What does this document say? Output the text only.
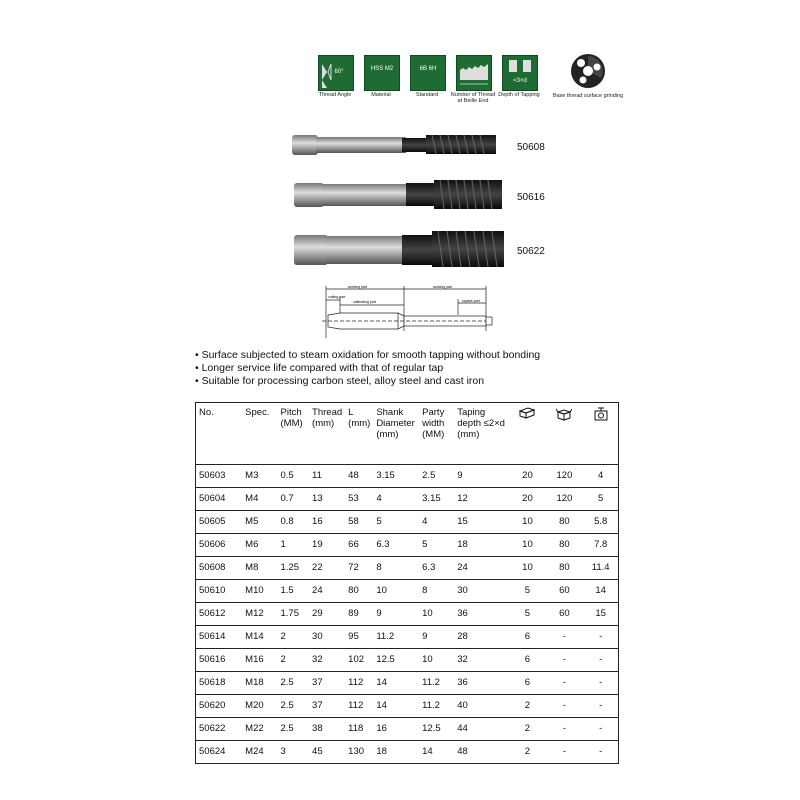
60°
Thread Angle
HSS M2
Material
6B 6H
Standard	Number of Thread at Beille End
<3×d
Depth of Tapping	Base thread surface grinding
50608
50616
50622
working part
cutting part
calibrating part
working part
square part
• Surface subjected to steam oxidation for smooth tapping without bonding
• Longer service life compared with that of regular tap
• Suitable for processing carbon steel, alloy steel and cast iron
No.	Spec.	Pitch (MM)	Thread (mm)	L (mm)	Shank Diameter (mm)	Party width (MM)	Taping depth ≤2×d (mm)			
50603	M3	0.5	11	48	3.15	2.5	9	20	120	4
50604	M4	0.7	13	53	4	3.15	12	20	120	5
50605	M5	0.8	16	58	5	4	15	10	80	5.8
50606	M6	1	19	66	6.3	5	18	10	80	7.8
50608	M8	1.25	22	72	8	6.3	24	10	80	11.4
50610	M10	1.5	24	80	10	8	30	5	60	14
50612	M12	1.75	29	89	9	10	36	5	60	15
50614	M14	2	30	95	11.2	9	28	6	-	-
50616	M16	2	32	102	12.5	10	32	6	-	-
50618	M18	2.5	37	112	14	11.2	36	6	-	-
50620	M20	2.5	37	112	14	11.2	40	2	-	-
50622	M22	2.5	38	118	16	12.5	44	2	-	-
50624	M24	3	45	130	18	14	48	2	-	-
